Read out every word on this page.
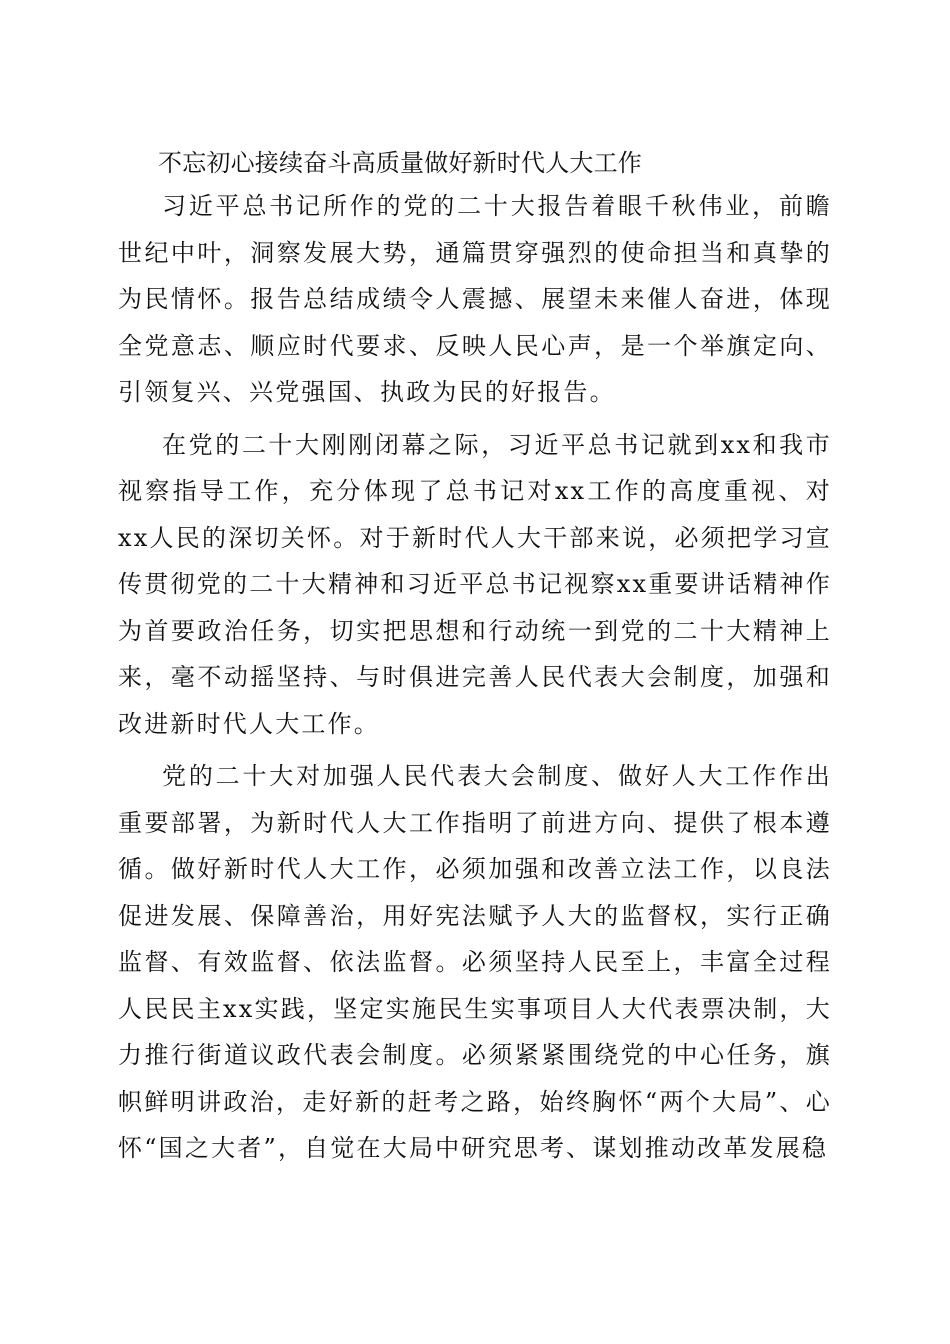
不忘初心接续奋斗高质量做好新时代人大工作

习近平总书记所作的党的二十大报告着眼千秋伟业，前瞻世纪中叶，洞察发展大势，通篇贯穿强烈的使命担当和真挚的为民情怀。报告总结成绩令人震撼、展望未来催人奋进，体现全党意志、顺应时代要求、反映人民心声，是一个举旗定向、引领复兴、兴党强国、执政为民的好报告。

在党的二十大刚刚闭幕之际，习近平总书记就到xx和我市视察指导工作，充分体现了总书记对xx工作的高度重视、对xx人民的深切关怀。对于新时代人大干部来说，必须把学习宣传贯彻党的二十大精神和习近平总书记视察xx重要讲话精神作为首要政治任务，切实把思想和行动统一到党的二十大精神上来，毫不动摇坚持、与时俱进完善人民代表大会制度，加强和改进新时代人大工作。

党的二十大对加强人民代表大会制度、做好人大工作作出重要部署，为新时代人大工作指明了前进方向、提供了根本遵循。做好新时代人大工作，必须加强和改善立法工作，以良法促进发展、保障善治，用好宪法赋予人大的监督权，实行正确监督、有效监督、依法监督。必须坚持人民至上，丰富全过程人民民主xx实践，坚定实施民生实事项目人大代表票决制，大力推行街道议政代表会制度。必须紧紧围绕党的中心任务，旗帜鲜明讲政治，走好新的赶考之路，始终胸怀“两个大局”、心怀“国之大者”，自觉在大局中研究思考、谋划推动改革发展稳
